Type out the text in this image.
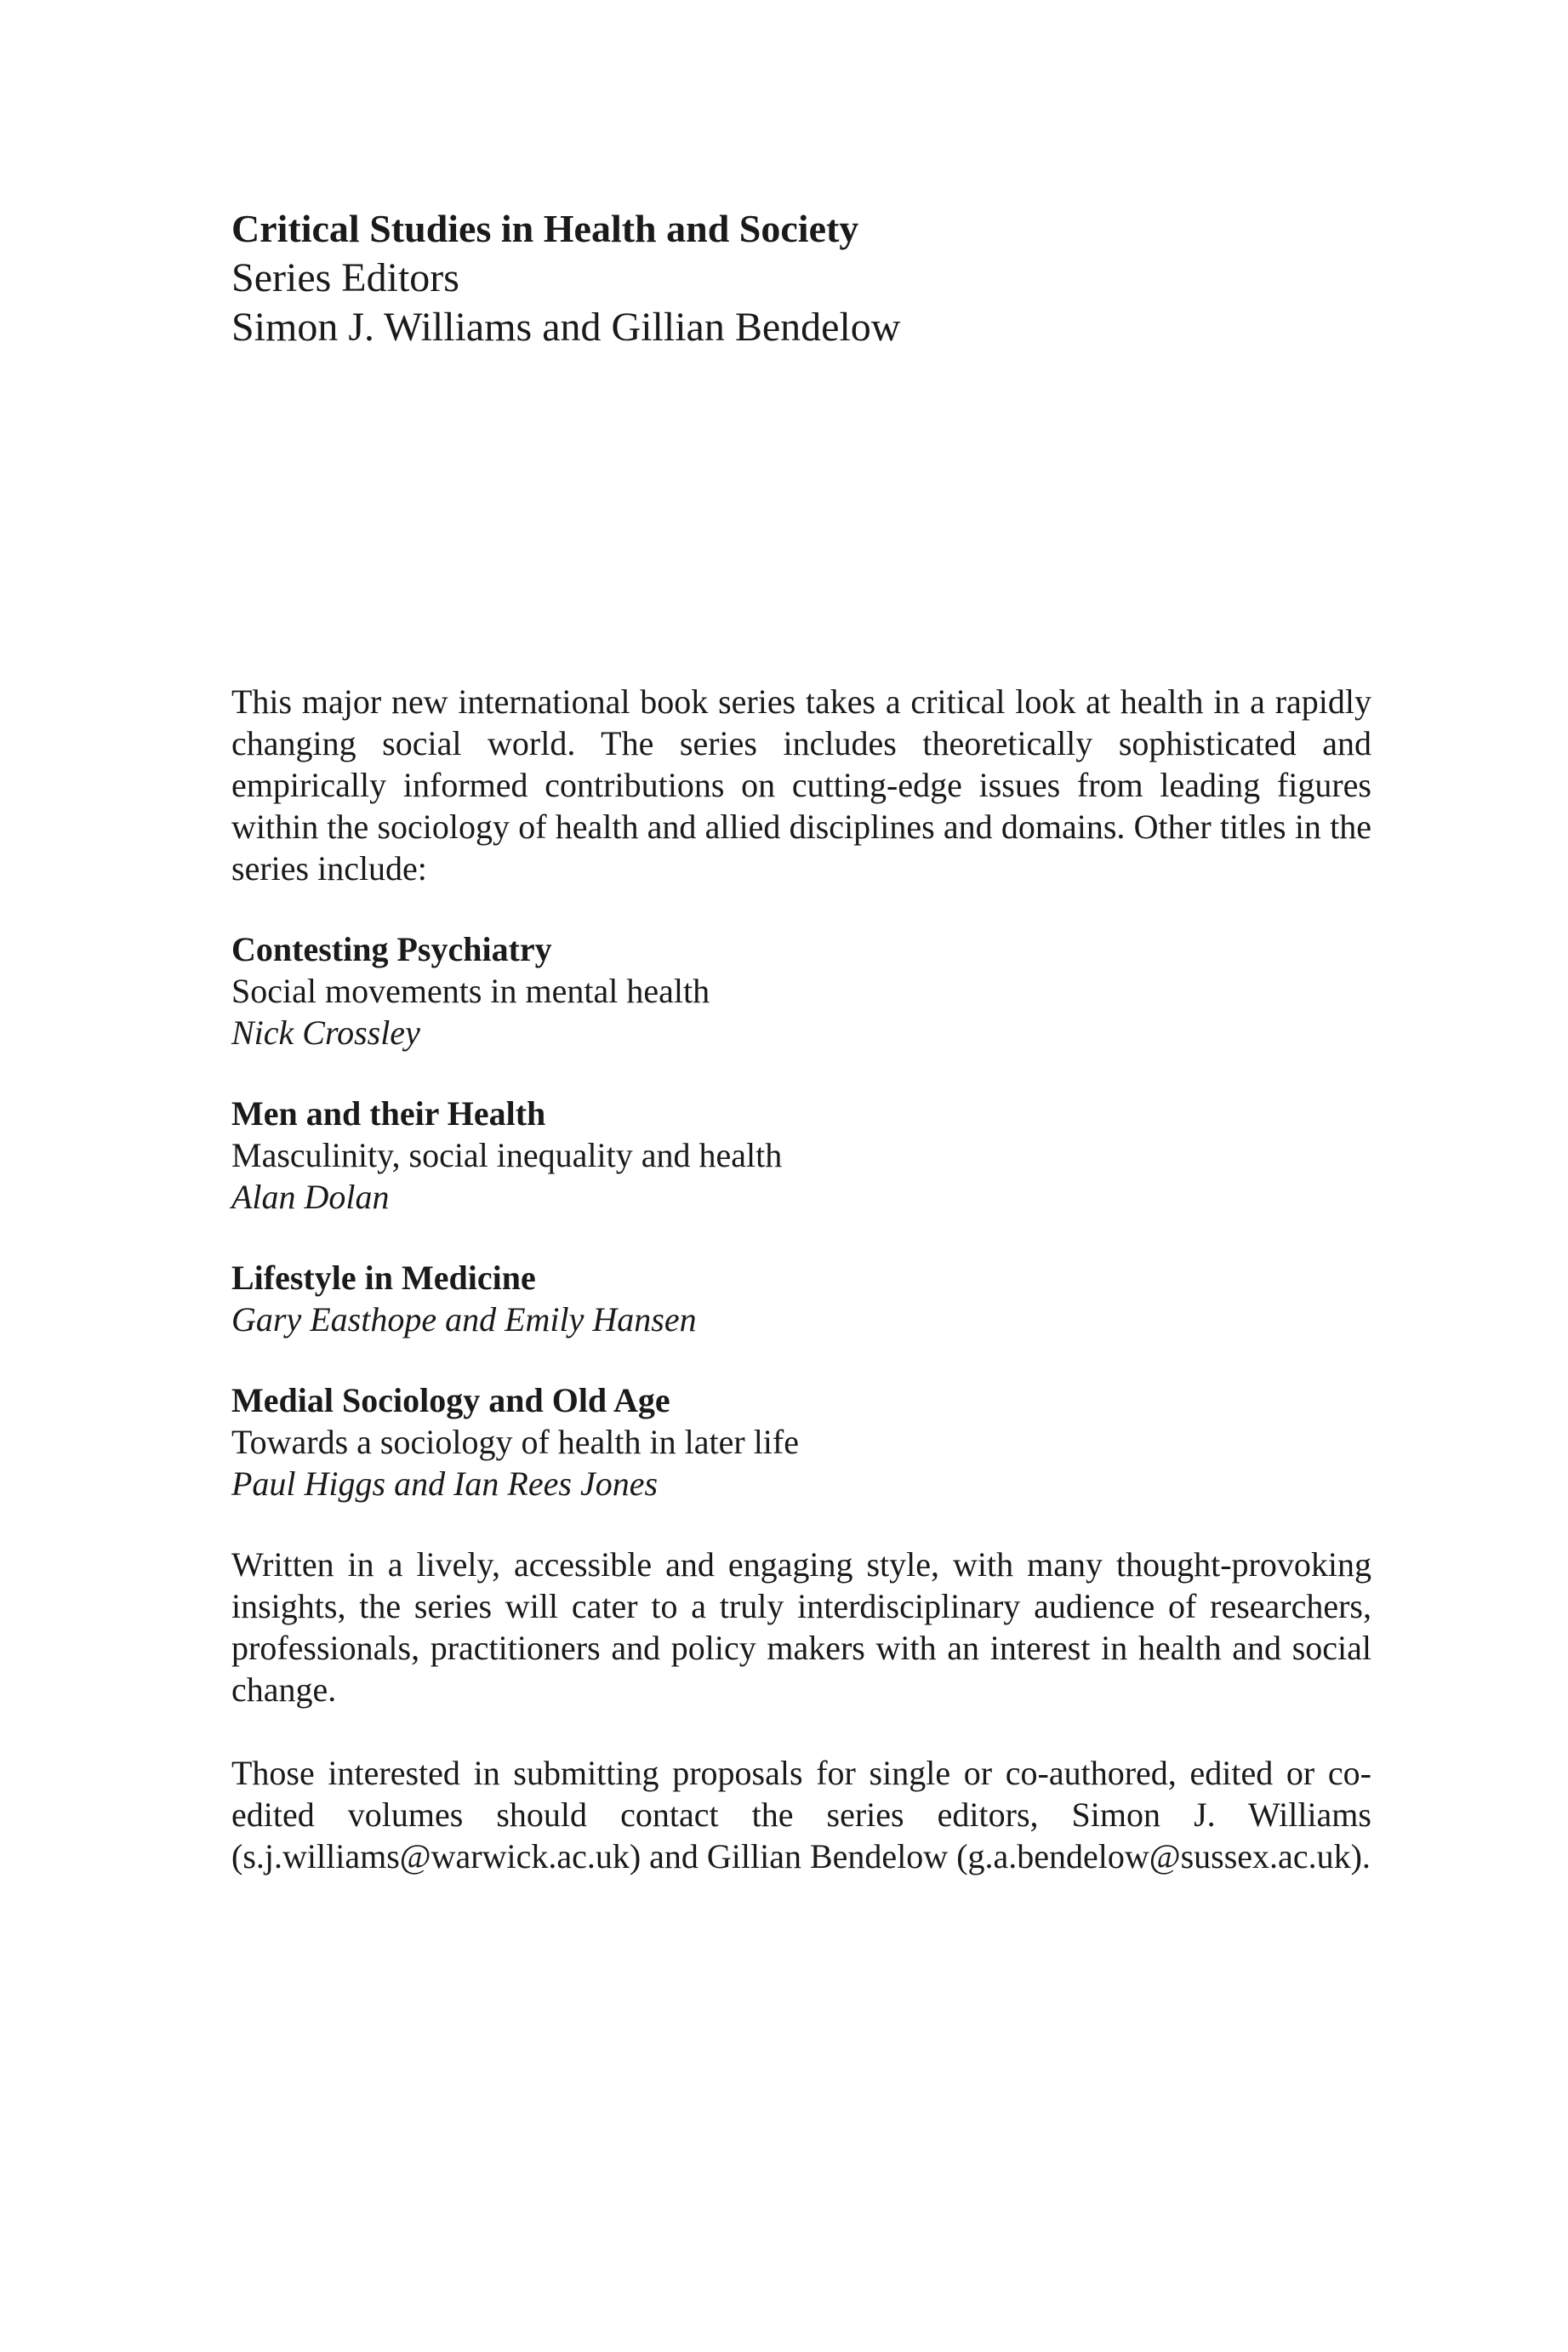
Critical Studies in Health and Society

Series Editors

Simon J. Williams and Gillian Bendelow

This major new international book series takes a critical look at health in a rapidly changing social world. The series includes theoretically sophisticated and empirically informed contributions on cutting-edge issues from leading figures within the sociology of health and allied disciplines and domains. Other titles in the series include:

Contesting Psychiatry
Social movements in mental health
Nick Crossley
Men and their Health
Masculinity, social inequality and health
Alan Dolan
Lifestyle in Medicine
Gary Easthope and Emily Hansen
Medial Sociology and Old Age
Towards a sociology of health in later life
Paul Higgs and Ian Rees Jones

Written in a lively, accessible and engaging style, with many thought-provoking insights, the series will cater to a truly interdisciplinary audience of researchers, professionals, practitioners and policy makers with an interest in health and social change.

Those interested in submitting proposals for single or co-authored, edited or co-edited volumes should contact the series editors, Simon J. Williams (s.j.williams@warwick.ac.uk) and Gillian Bendelow (g.a.bendelow@sussex.ac.uk).
